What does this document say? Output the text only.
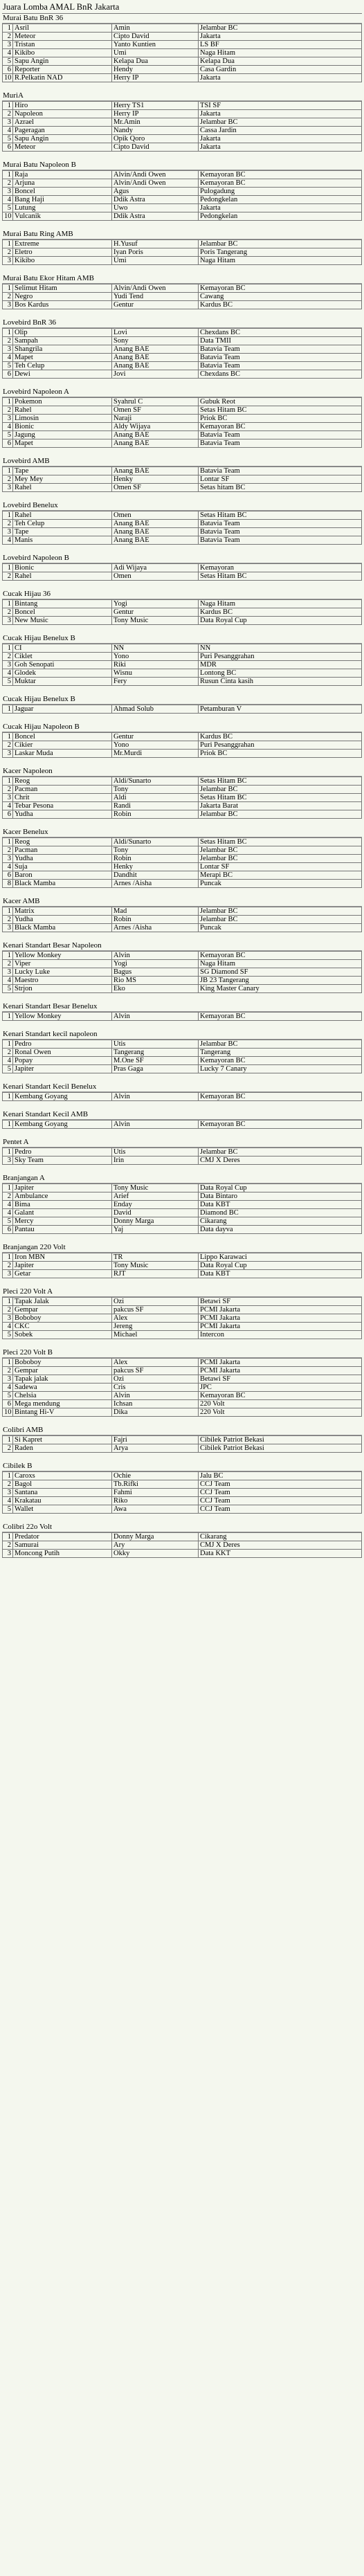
Juara Lomba AMAL BnR Jakarta
Murai Batu BnR 36
1	Asril	Amin	Jelambar BC
2	Meteor	Cipto David	Jakarta
3	Tristan	Yanto Kuntien	LS BF
4	Kikibo	Umi	Naga Hitam
5	Sapu Angin	Kelapa Dua	Kelapa Dua
6	Reporter	Hendy	Casa Gardin
10	R.Pelkatin NAD	Herry IP	Jakarta
MuriA
1	Hiro	Herry TS1	TSI SF
2	Napoleon	Herry IP	Jakarta
3	Azrael	Mr.Amin	Jelambar BC
4	Pageragan	Nandy	Cassa Jardin
5	Sapu Angin	Opik Qoro	Jakarta
6	Meteor	Cipto David	Jakarta
Murai Batu Napoleon B
1	Raja	Alvin/Andi Owen	Kemayoran BC
2	Arjuna	Alvin/Andi Owen	Kemayoran BC
3	Boncel	Agus	Pulogadung
4	Bang Haji	Ddik Astra	Pedongkelan
5	Lutung	Uwo	Jakarta
10	Vulcanik	Ddik Astra	Pedongkelan
Murai Batu Ring AMB
1	Extreme	H.Yusuf	Jelambar BC
2	Eletro	Iyan Poris	Poris Tangerang
3	Kikibo	Umi	Naga Hitam
Murai Batu Ekor Hitam AMB
1	Selimut Hitam	Alvin/Andi Owen	Kemayoran BC
2	Negro	Yudi Tend	Cawang
3	Bos Kardus	Gentur	Kardus BC
Lovebird BnR 36
1	Olip	Lovi	Chexdans BC
2	Sampah	Sony	Data TMII
3	Shangrila	Anang BAE	Batavia Team
4	Mapet	Anang BAE	Batavia Team
5	Teh Celup	Anang BAE	Batavia Team
6	Dewi	Jovi	Chexdans BC
Lovebird Napoleon A
1	Pokemon	Syahrul C	Gubuk Reot
2	Rahel	Omen SF	Setas Hitam BC
3	Limosin	Naraji	Priok BC
4	Bionic	Aldy Wijaya	Kemayoran BC
5	Jagung	Anang BAE	Batavia Team
6	Mapet	Anang BAE	Batavia Team
Lovebird AMB
1	Tape	Anang BAE	Batavia Team
2	Mey Mey	Henky	Lontar SF
3	Rahel	Omen SF	Setas hitam BC
Lovebird Benelux
1	Rahel	Omen	Setas Hitam BC
2	Teh Celup	Anang BAE	Batavia Team
3	Tape	Anang BAE	Batavia Team
4	Manis	Anang BAE	Batavia Team
Lovebird Napoleon B
1	Bionic	Adi Wijaya	Kemayoran
2	Rahel	Omen	Setas Hitam BC
Cucak Hijau 36
1	Bintang	Yogi	Naga Hitam
2	Boncel	Gentur	Kardus BC
3	New Music	Tony Music	Data Royal Cup
Cucak Hijau Benelux B
1	CI	NN	NN
2	Ciklet	Yono	Puri Pesanggrahan
3	Goh Senopati	Riki	MDR
4	Glodek	Wisnu	Lontong BC
5	Muktar	Fery	Rusun Cinta kasih
Cucak Hijau Benelux B
1	Jaguar	Ahmad Solub	Petamburan V
Cucak Hijau Napoleon B
1	Boncel	Gentur	Kardus BC
2	Cikier	Yono	Puri Pesanggrahan
3	Laskar Muda	Mr.Murdi	Priok BC
Kacer Napoleon
1	Reog	Aldi/Sunarto	Setas Hitam BC
2	Pacman	Tony	Jelambar BC
3	Chrit	Aldi	Setas Hitam BC
4	Tebar Pesona	Randi	Jakarta Barat
6	Yudha	Robin	Jelambar BC
Kacer Benelux
1	Reog	Aldi/Sunarto	Setas Hitam BC
2	Pacman	Tony	Jelambar BC
3	Yudha	Robin	Jelambar BC
4	Suja	Henky	Lontar SF
6	Baron	Dandhit	Merapi BC
8	Black Mamba	Arnes /Aisha	Puncak
Kacer AMB
1	Matrix	Mad	Jelambar BC
2	Yudha	Robin	Jelambar BC
3	Black Mamba	Arnes /Aisha	Puncak
Kenari Standart Besar Napoleon
1	Yellow Monkey	Alvin	Kemayoran BC
2	Viper	Yogi	Naga Hitam
3	Lucky Luke	Bagus	SG Diamond SF
4	Maestro	Rio MS	JB 23 Tangerang
5	Strjon	Eko	King Master Canary
Kenari Standart Besar Benelux
1	Yellow Monkey	Alvin	Kemayoran BC
Kenari Standart kecil napoleon
1	Pedro	Utis	Jelambar BC
2	Ronal Owen	Tangerang	Tangerang
4	Popay	M.One SF	Kemayoran BC
5	Japiter	Pras Gaga	Lucky 7 Canary
Kenari Standart Kecil Benelux
1	Kembang Goyang	Alvin	Kemayoran BC
Kenari Standart Kecil AMB
1	Kembang Goyang	Alvin	Kemayoran BC
Pentet A
1	Pedro	Utis	Jelambar BC
3	Sky Team	Irin	CMJ X Deres
Branjangan A
1	Japiter	Tony Music	Data Royal Cup
2	Ambulance	Arief	Data Bintaro
4	Bima	Enday	Data KBT
4	Galant	David	Diamond BC
5	Mercy	Donny Marga	Cikarang
6	Pantau	Yaj	Data dayva
Branjangan 220 Volt
1	Iron MBN	TR	Lippo Karawaci
2	Japiter	Tony Music	Data Royal Cup
3	Getar	RJT	Data KBT
Pleci 220 Volt A
1	Tapak Jalak	Ozi	Betawi SF
2	Gempar	pakcus SF	PCMI Jakarta
3	Boboboy	Alex	PCMI Jakarta
4	CKC	Jereng	PCMI Jakarta
5	Sobek	Michael	Intercon
Pleci 220 Volt B
1	Boboboy	Alex	PCMI Jakarta
2	Gempar	pakcus SF	PCMI Jakarta
3	Tapak jalak	Ozi	Betawi SF
4	Sadewa	Cris	JPC
5	Chelsia	Alvin	Kemayoran BC
6	Mega mendung	Ichsan	220 Volt
10	Bintang Hi-V	Dika	220 Volt
Colibri AMB
1	Si Kapret	Fajri	Cibilek Patriot Bekasi
2	Raden	Arya	Cibilek Patriot Bekasi
Cibilek B
1	Caroxs	Ochie	Jalu BC
2	Bagol	Tb.Rifki	CCJ Team
3	Santana	Fahmi	CCJ Team
4	Krakatau	Riko	CCJ Team
5	Wallet	Awa	CCJ Team
Colibri 22o Volt
1	Predator	Donny Marga	Cikarang
2	Samurai	Ary	CMJ X Deres
3	Moncong Putih	Okky	Data KKT
